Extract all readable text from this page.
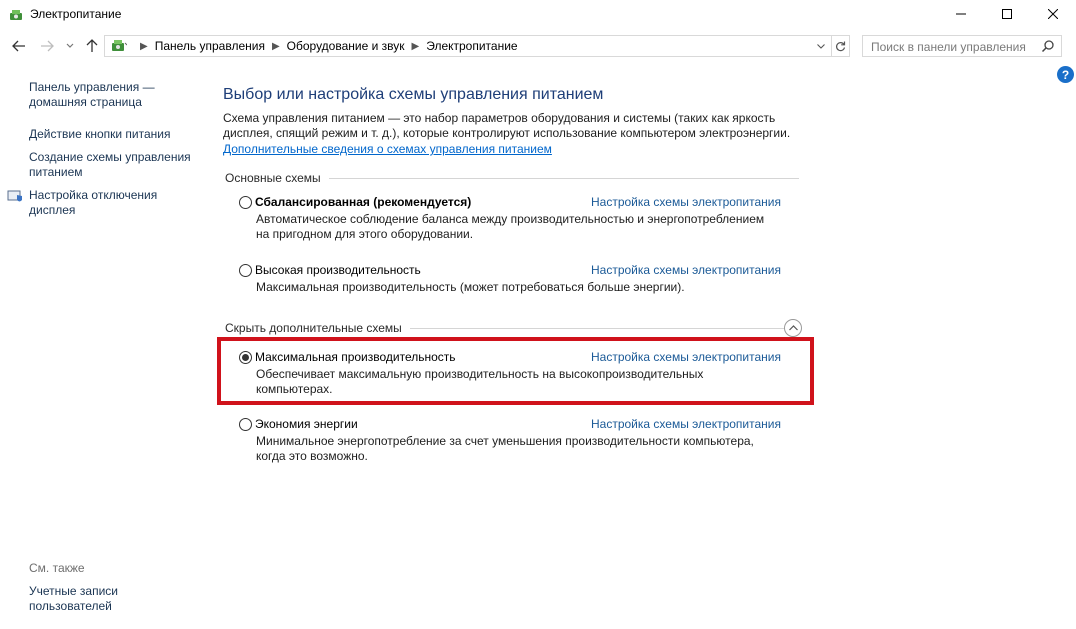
Электропитание
▶ Панель управления ▶ Оборудование и звук ▶ Электропитание	Поиск в панели управления
?
Панель управления — домашняя страница
Действие кнопки питания
Создание схемы управления питанием
Настройка отключения дисплея
См. также
Учетные записи пользователей
Выбор или настройка схемы управления питанием
Схема управления питанием — это набор параметров оборудования и системы (таких как яркость дисплея, спящий режим и т. д.), которые контролируют использование компьютером электроэнергии.
Дополнительные сведения о схемах управления питанием
Основные схемы
Сбалансированная (рекомендуется)	Настройка схемы электропитания
Автоматическое соблюдение баланса между производительностью и энергопотреблением на пригодном для этого оборудовании.
Высокая производительность	Настройка схемы электропитания
Максимальная производительность (может потребоваться больше энергии).
Скрыть дополнительные схемы
Максимальная производительность	Настройка схемы электропитания
Обеспечивает максимальную производительность на высокопроизводительных компьютерах.
Экономия энергии	Настройка схемы электропитания
Минимальное энергопотребление за счет уменьшения производительности компьютера, когда это возможно.
